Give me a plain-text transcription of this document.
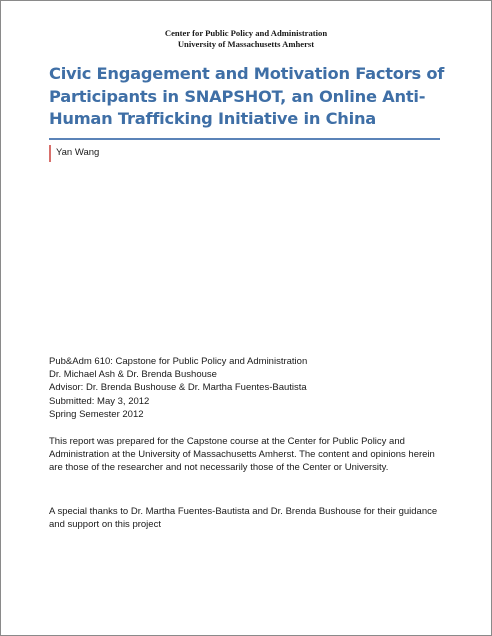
Center for Public Policy and Administration
University of Massachusetts Amherst
Civic Engagement and Motivation Factors of Participants in SNAPSHOT, an Online Anti-Human Trafficking Initiative in China
Yan Wang
Pub&Adm 610: Capstone for Public Policy and Administration
Dr. Michael Ash & Dr. Brenda Bushouse
Advisor: Dr. Brenda Bushouse & Dr. Martha Fuentes-Bautista
Submitted: May 3, 2012
Spring Semester 2012

This report was prepared for the Capstone course at the Center for Public Policy and Administration at the University of Massachusetts Amherst. The content and opinions herein are those of the researcher and not necessarily those of the Center or University.

A special thanks to Dr. Martha Fuentes-Bautista and Dr. Brenda Bushouse for their guidance and support on this project
